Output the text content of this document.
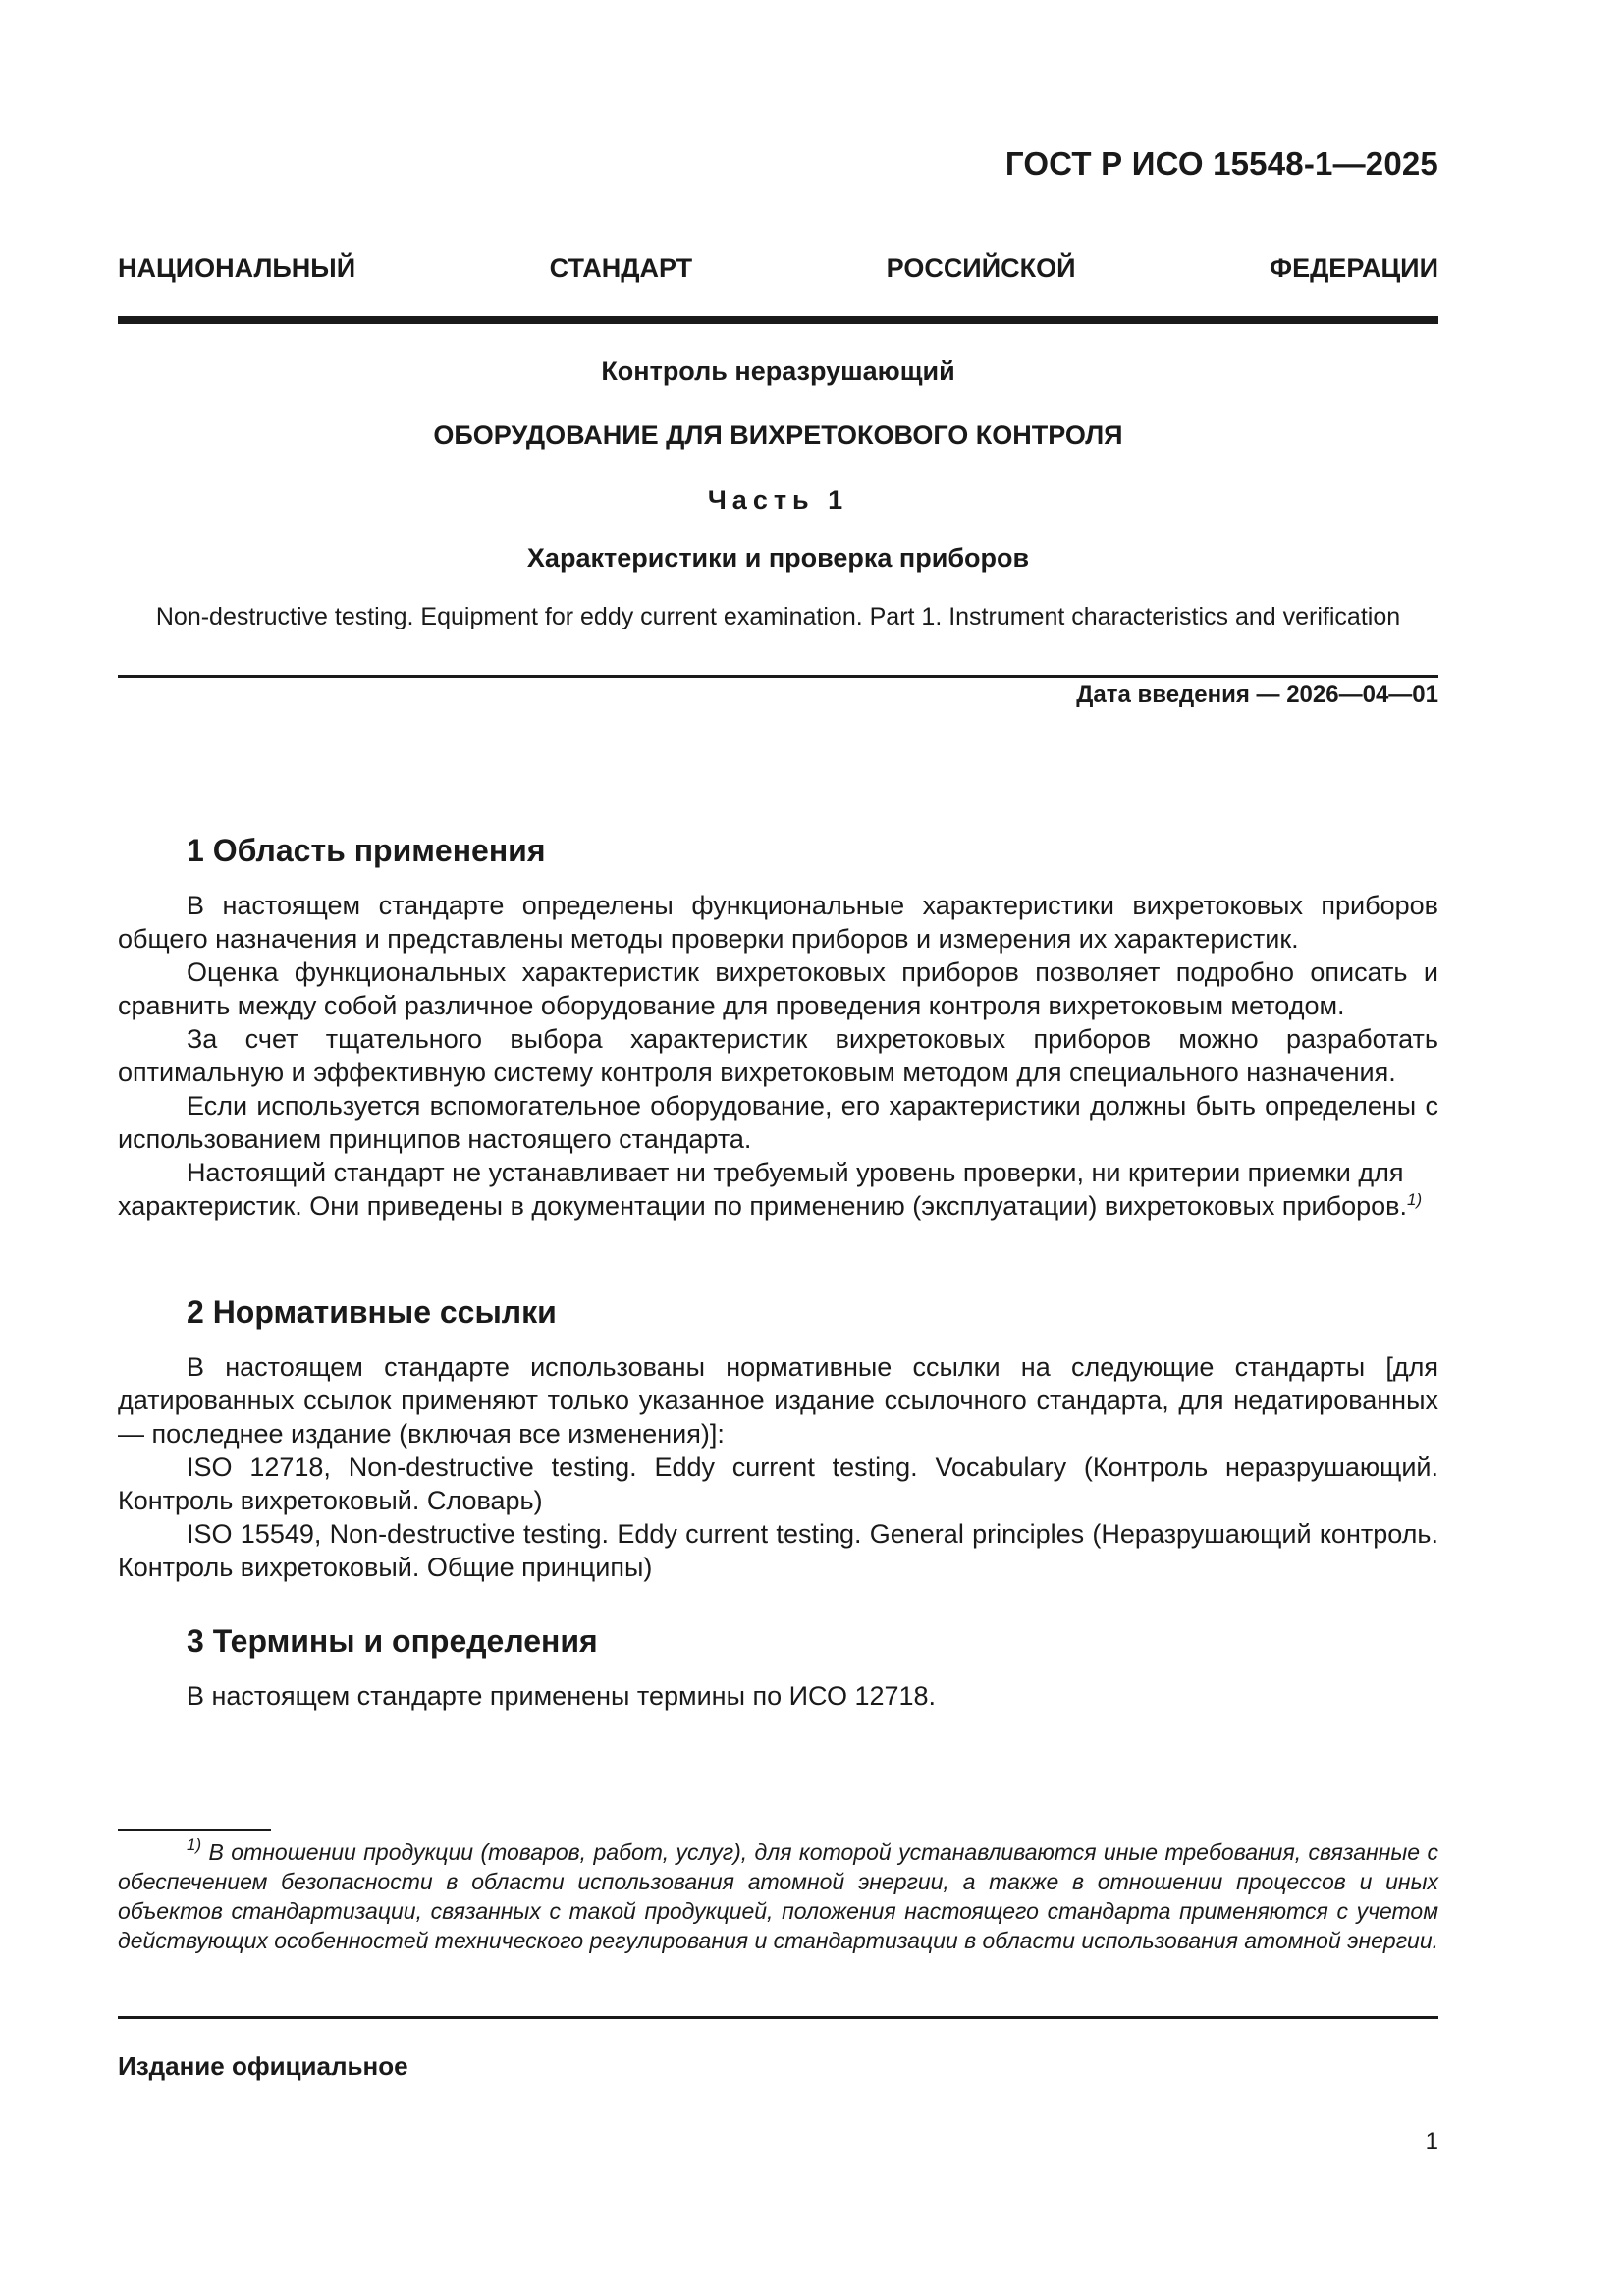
ГОСТ Р ИСО 15548-1—2025
НАЦИОНАЛЬНЫЙ СТАНДАРТ РОССИЙСКОЙ ФЕДЕРАЦИИ
Контроль неразрушающий
ОБОРУДОВАНИЕ ДЛЯ ВИХРЕТОКОВОГО КОНТРОЛЯ
Часть 1
Характеристики и проверка приборов
Non-destructive testing. Equipment for eddy current examination. Part 1. Instrument characteristics and verification
Дата введения — 2026—04—01
1 Область применения

В настоящем стандарте определены функциональные характеристики вихретоковых приборов общего назначения и представлены методы проверки приборов и измерения их характеристик.

Оценка функциональных характеристик вихретоковых приборов позволяет подробно описать и сравнить между собой различное оборудование для проведения контроля вихретоковым методом.

За счет тщательного выбора характеристик вихретоковых приборов можно разработать оптимальную и эффективную систему контроля вихретоковым методом для специального назначения.

Если используется вспомогательное оборудование, его характеристики должны быть определены с использованием принципов настоящего стандарта.

Настоящий стандарт не устанавливает ни требуемый уровень проверки, ни критерии приемки для характеристик. Они приведены в документации по применению (эксплуатации) вихретоковых приборов.$^{1)}$

2 Нормативные ссылки

В настоящем стандарте использованы нормативные ссылки на следующие стандарты [для датированных ссылок применяют только указанное издание ссылочного стандарта, для недатированных — последнее издание (включая все изменения)]:

ISO 12718, Non-destructive testing. Eddy current testing. Vocabulary (Контроль неразрушающий. Контроль вихретоковый. Словарь)

ISO 15549, Non-destructive testing. Eddy current testing. General principles (Неразрушающий контроль. Контроль вихретоковый. Общие принципы)

3 Термины и определения

В настоящем стандарте применены термины по ИСО 12718.

$^{1)}$ В отношении продукции (товаров, работ, услуг), для которой устанавливаются иные требования, связанные с обеспечением безопасности в области использования атомной энергии, а также в отношении процессов и иных объектов стандартизации, связанных с такой продукцией, положения настоящего стандарта применяются с учетом действующих особенностей технического регулирования и стандартизации в области использования атомной энергии.

Издание официальное
1
